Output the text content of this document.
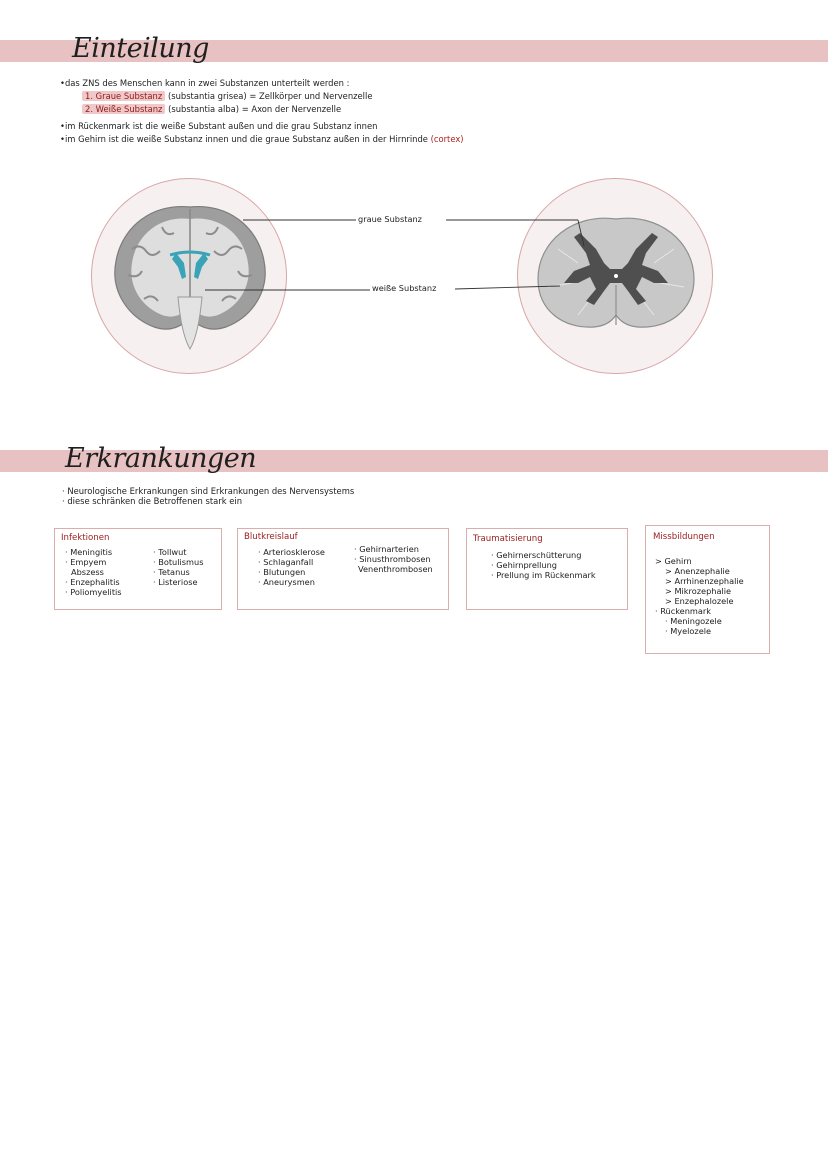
Einteilung
•das ZNS des Menschen kann in zwei Substanzen unterteilt werden :
1. Graue Substanz (substantia grisea) = Zellkörper und Nervenzelle
2. Weiße Substanz (substantia alba) = Axon der Nervenzelle
•im Rückenmark ist die weiße Substant außen und die grau Substanz innen
•im Gehirn ist die weiße Substanz innen und die graue Substanz außen in der Hirnrinde (cortex)
graue Substanz
weiße Substanz
Erkrankungen
· Neurologische Erkrankungen sind Erkrankungen des Nervensystems
· diese schränken die Betroffenen stark ein
Infektionen
· Meningitis
· Empyem
Abszess
· Enzephalitis
· Poliomyelitis
· Tollwut
· Botulismus
· Tetanus
· Listeriose
Blutkreislauf
· Arteriosklerose
· Schlaganfall
· Blutungen
· Aneurysmen
· Gehirnarterien
· Sinusthrombosen
Venenthrombosen
Traumatisierung
· Gehirnerschütterung
· Gehirnprellung
· Prellung im Rückenmark
Missbildungen
> Gehirn
> Anenzephalie
> Arrhinenzephalie
> Mikrozephalie
> Enzephalozele
· Rückenmark
· Meningozele
· Myelozele
